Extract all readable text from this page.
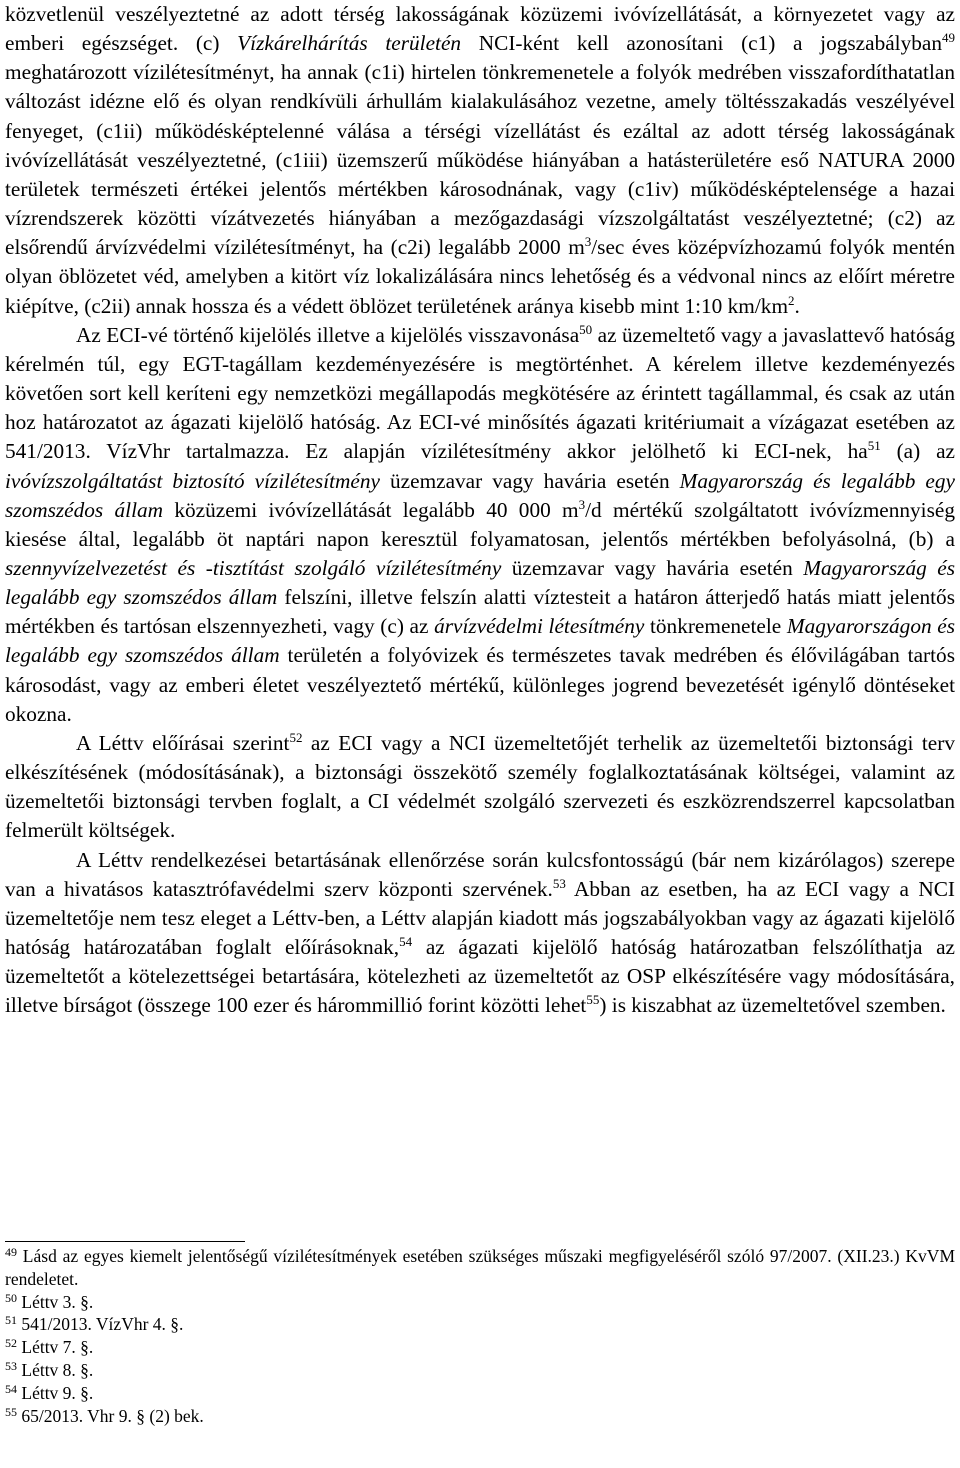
közvetlenül veszélyeztetné az adott térség lakosságának közüzemi ivóvízellátását, a környezetet vagy az emberi egészséget. (c) Vízkárelhárítás területén NCI-ként kell azonosítani (c1) a jogszabályban$^{49}$ meghatározott vízilétesítményt, ha annak (c1i) hirtelen tönkremenetele a folyók medrében visszafordíthatatlan változást idézne elő és olyan rendkívüli árhullám kialakulásához vezetne, amely töltésszakadás veszélyével fenyeget, (c1ii) működésképtelenné válása a térségi vízellátást és ezáltal az adott térség lakosságának ivóvízellátását veszélyeztetné, (c1iii) üzemszerű működése hiányában a hatásterületére eső NATURA 2000 területek természeti értékei jelentős mértékben károsodnának, vagy (c1iv) működésképtelensége a hazai vízrendszerek közötti vízátvezetés hiányában a mezőgazdasági vízszolgáltatást veszélyeztetné; (c2) az elsőrendű árvízvédelmi vízilétesítményt, ha (c2i) legalább 2000 $m^3/\sec$ éves középvízhozamú folyók mentén olyan öblözetet véd, amelyben a kitört víz lokalizálására nincs lehetőség és a védvonal nincs az előírt méretre kiépítve, (c2ii) annak hossza és a védett öblözet területének aránya kisebb mint 1:10 $km/km^2$.

Az ECI-vé történő kijelölés illetve a kijelölés visszavonása$^{50}$ az üzemeltető vagy a javaslattevő hatóság kérelmén túl, egy EGT-tagállam kezdeményezésére is megtörténhet. A kérelem illetve kezdeményezés követően sort kell keríteni egy nemzetközi megállapodás megkötésére az érintett tagállammal, és csak az után hoz határozatot az ágazati kijelölő hatóság. Az ECI-vé minősítés ágazati kritériumait a vízágazat esetében az 541/2013. VízVhr tartalmazza. Ez alapján vízilétesítmény akkor jelölhető ki ECI-nek, $ha^{51}$ (a) az ivóvízszolgáltatást biztosító vízilétesítmény üzemzavar vagy havária esetén Magyarország és legalább egy szomszédos állam közüzemi ivóvízellátását legalább 40 000 $m^3/d$ mértékű szolgáltatott ivóvízmennyiség kiesése által, legalább öt naptári napon keresztül folyamatosan, jelentős mértékben befolyásolná, (b) a szennyvízelvezetést és -tisztítást szolgáló vízilétesítmény üzemzavar vagy havária esetén Magyarország és legalább egy szomszédos állam felszíni, illetve felszín alatti víztesteit a határon átterjedő hatás miatt jelentős mértékben és tartósan elszennyezheti, vagy (c) az árvízvédelmi létesítmény tönkremenetele Magyarországon és legalább egy szomszédos állam területén a folyóvizek és természetes tavak medrében és élővilágában tartós károsodást, vagy az emberi életet veszélyeztető mértékű, különleges jogrend bevezetését igénylő döntéseket okozna.

A Léttv előírásai szerint$^{52}$ az ECI vagy a NCI üzemeltetőjét terhelik az üzemeltetői biztonsági terv elkészítésének (módosításának), a biztonsági összekötő személy foglalkoztatásának költségei, valamint az üzemeltetői biztonsági tervben foglalt, a CI védelmét szolgáló szervezeti és eszközrendszerrel kapcsolatban felmerült költségek.

A Léttv rendelkezései betartásának ellenőrzése során kulcsfontosságú (bár nem kizárólagos) szerepe van a hivatásos katasztrófavédelmi szerv központi szervének.$^{53}$ Abban az esetben, ha az ECI vagy a NCI üzemeltetője nem tesz eleget a Léttv-ben, a Léttv alapján kiadott más jogszabályokban vagy az ágazati kijelölő hatóság határozatában foglalt előírásoknak,$^{54}$ az ágazati kijelölő hatóság határozatban felszólíthatja az üzemeltetőt a kötelezettségei betartására, kötelezheti az üzemeltetőt az OSP elkészítésére vagy módosítására, illetve bírságot (összege 100 ezer és hárommillió forint közötti lehet$^{55}$) is kiszabhat az üzemeltetővel szemben.

$^{49}$ Lásd az egyes kiemelt jelentőségű vízilétesítmények esetében szükséges műszaki megfigyeléséről szóló 97/2007. (XII.23.) KvVM rendeletet.

$^{50}$ Léttv 3. §.

$^{51}$ 541/2013. VízVhr 4. §.

$^{52}$ Léttv 7. §.

$^{53}$ Léttv 8. §.

$^{54}$ Léttv 9. §.

$^{55}$ 65/2013. Vhr 9. § (2) bek.
